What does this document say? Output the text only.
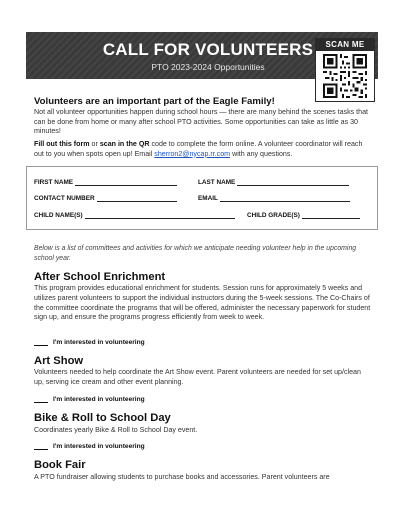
CALL FOR VOLUNTEERS
PTO 2023-2024 Opportunities
SCAN ME
Volunteers are an important part of the Eagle Family!
Not all volunteer opportunities happen during school hours — there are many behind the scenes tasks that can be done from home or many after school PTO activities. Some opportunities can take as little as 30 minutes!
Fill out this form or scan in the QR code to complete the form online. A volunteer coordinator will reach out to you when spots open up! Email sherron2@nycap.rr.com with any questions.
FIRST NAME	LAST NAME
CONTACT NUMBER	EMAIL
CHILD NAME(S)	CHILD GRADE(S)
Below is a list of committees and activities for which we anticipate needing volunteer help in the upcoming school year.
After School Enrichment
This program provides educational enrichment for students. Session runs for approximately 5 weeks and utilizes parent volunteers to support the individual instructors during the 5-week sessions. The Co-Chairs of the committee coordinate the programs that will be offered, administer the necessary paperwork for student sign up, and ensure the programs progress efficiently from week to week.
I'm interested in volunteering
Art Show
Volunteers needed to help coordinate the Art Show event. Parent volunteers are needed for set up/clean up, serving ice cream and other event planning.
I'm interested in volunteering
Bike & Roll to School Day
Coordinates yearly Bike & Roll to School Day event.
I'm interested in volunteering
Book Fair
A PTO fundraiser allowing students to purchase books and accessories. Parent volunteers are
